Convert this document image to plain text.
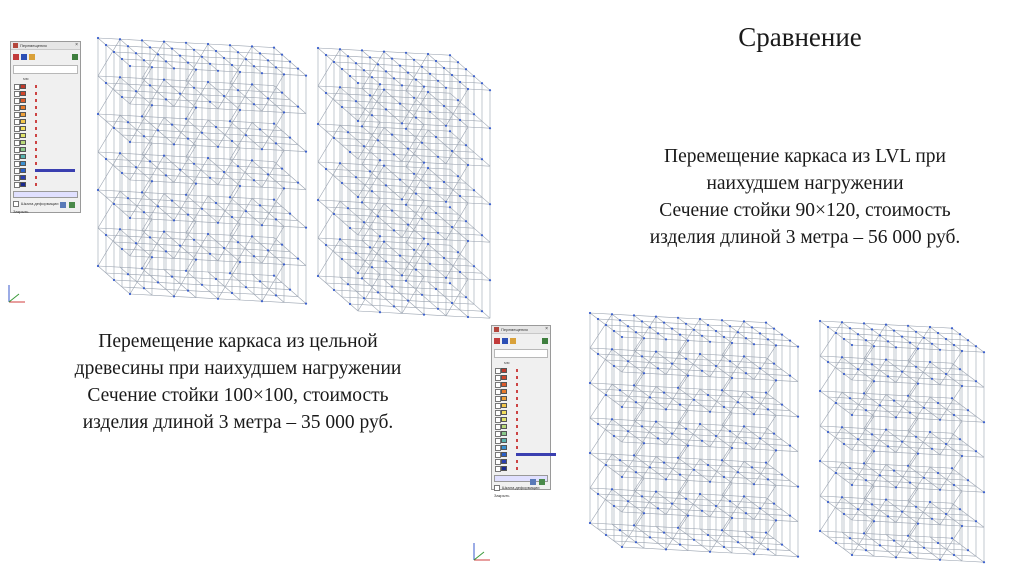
Сравнение
Перемещение каркаса из LVL при
наихудшем нагружении
Сечение стойки 90×120, стоимость
изделия длиной 3 метра – 56 000 руб.
Перемещение каркаса из цельной
древесины при наихудшем нагружении
Сечение стойки 100×100, стоимость
изделия длиной 3 метра – 35 000 руб.
Перемещения	×
мм
Шкала деформации
Закрыть
Перемещения	×
мм
Шкала деформации
Закрыть
